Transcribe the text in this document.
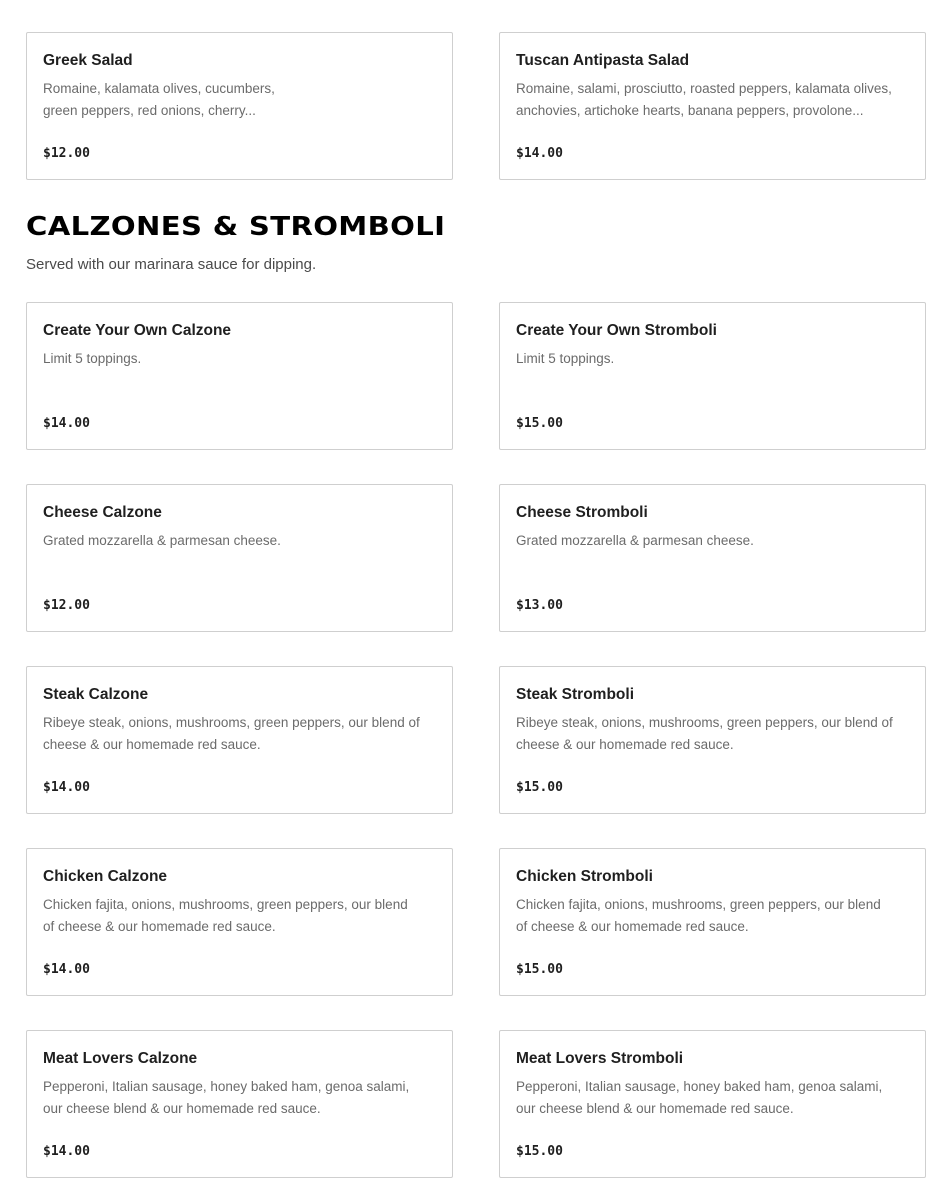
Greek Salad
Romaine, kalamata olives, cucumbers,
green peppers, red onions, cherry...
$12.00
Tuscan Antipasta Salad
Romaine, salami, prosciutto, roasted peppers, kalamata olives,
anchovies, artichoke hearts, banana peppers, provolone...
$14.00
CALZONES & STROMBOLI
Served with our marinara sauce for dipping.
Create Your Own Calzone
Limit 5 toppings.
$14.00
Create Your Own Stromboli
Limit 5 toppings.
$15.00
Cheese Calzone
Grated mozzarella & parmesan cheese.
$12.00
Cheese Stromboli
Grated mozzarella & parmesan cheese.
$13.00
Steak Calzone
Ribeye steak, onions, mushrooms, green peppers, our blend of
cheese & our homemade red sauce.
$14.00
Steak Stromboli
Ribeye steak, onions, mushrooms, green peppers, our blend of
cheese & our homemade red sauce.
$15.00
Chicken Calzone
Chicken fajita, onions, mushrooms, green peppers, our blend
of cheese & our homemade red sauce.
$14.00
Chicken Stromboli
Chicken fajita, onions, mushrooms, green peppers, our blend
of cheese & our homemade red sauce.
$15.00
Meat Lovers Calzone
Pepperoni, Italian sausage, honey baked ham, genoa salami,
our cheese blend & our homemade red sauce.
$14.00
Meat Lovers Stromboli
Pepperoni, Italian sausage, honey baked ham, genoa salami,
our cheese blend & our homemade red sauce.
$15.00
